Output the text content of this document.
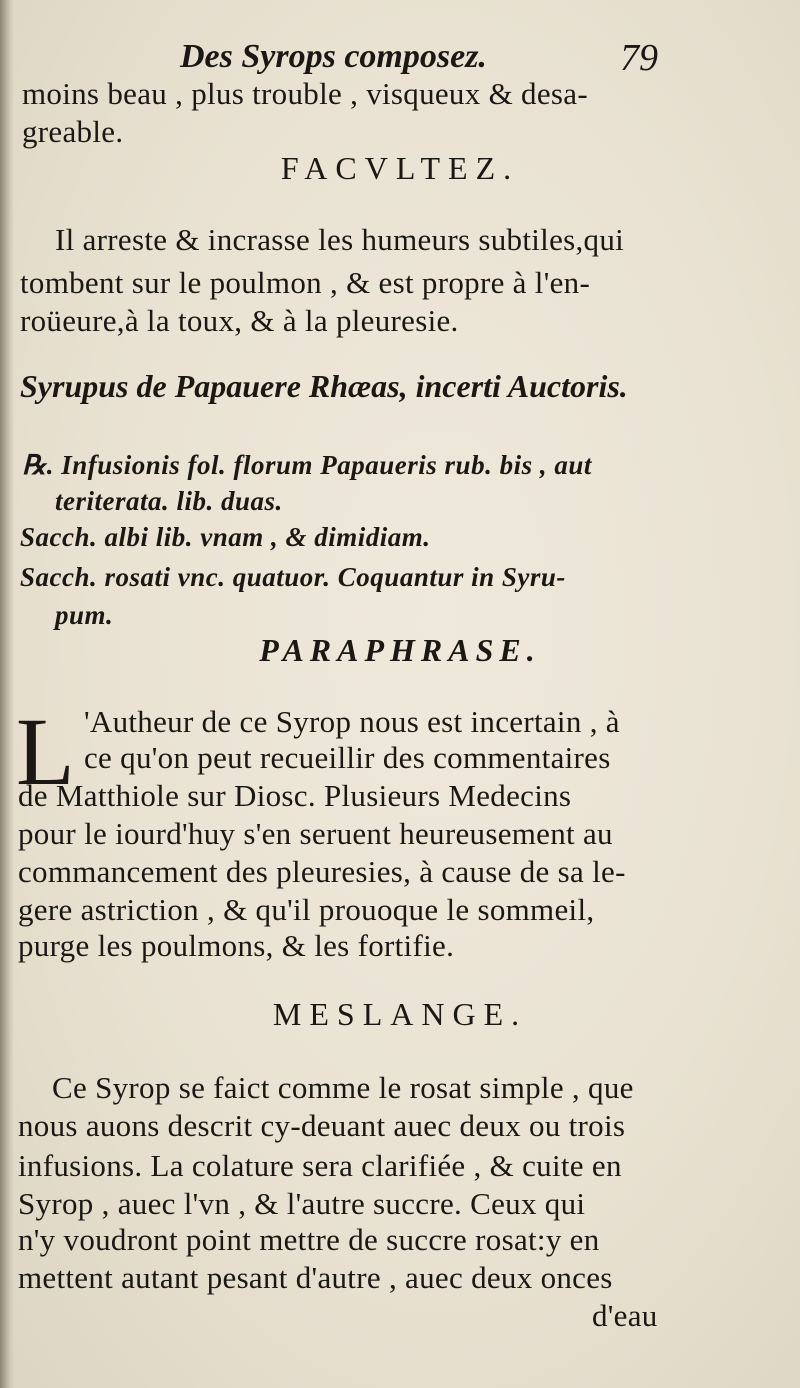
Des Syrops composez.	79
moins beau , plus trouble , visqueux & desa-
greable.
FACVLTEZ.
Il arreste & incrasse les humeurs subtiles,qui
tombent sur le poulmon , & est propre à l'en-
roüeure,à la toux, & à la pleuresie.
Syrupus de Papauere Rhæas, incerti Auctoris.
℞. Infusionis fol. florum Papaueris rub. bis , aut
teriterata. lib. duas.
Sacch. albi lib. vnam , & dimidiam.
Sacch. rosati vnc. quatuor. Coquantur in Syru-
pum.
PARAPHRASE.
L 'Autheur de ce Syrop nous est incertain , à
ce qu'on peut recueillir des commentaires
de Matthiole sur Diosc. Plusieurs Medecins
pour le iourd'huy s'en seruent heureusement au
commancement des pleuresies, à cause de sa le-
gere astriction , & qu'il prouoque le sommeil,
purge les poulmons, & les fortifie.
MESLANGE.
Ce Syrop se faict comme le rosat simple , que
nous auons descrit cy-deuant auec deux ou trois
infusions. La colature sera clarifiée , & cuite en
Syrop , auec l'vn , & l'autre succre. Ceux qui
n'y voudront point mettre de succre rosat:y en
mettent autant pesant d'autre , auec deux onces
d'eau
